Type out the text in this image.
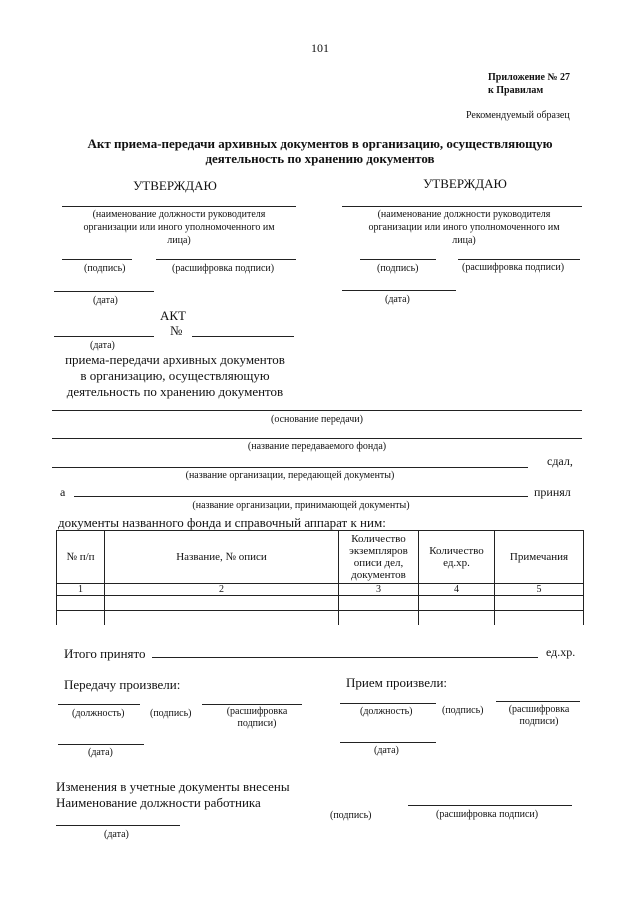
101
Приложение № 27
к Правилам
Рекомендуемый образец
Акт приема-передачи архивных документов в организацию, осуществляющую
деятельность по хранению документов
УТВЕРЖДАЮ
(наименование должности руководителя
организации или иного уполномоченного им
лица)
(подпись)	(расшифровка подписи)
(дата)
УТВЕРЖДАЮ
(наименование должности руководителя
организации или иного уполномоченного им
лица)
(подпись)	(расшифровка подписи)
(дата)
АКТ
№
(дата)
приема-передачи архивных документов
в организацию, осуществляющую
деятельность по хранению документов
(основание передачи)
(название передаваемого фонда)
сдал,
(название организации, передающей документы)
а	принял
(название организации, принимающей документы)
документы названного фонда и справочный аппарат к ним:
№ п/п	Название, № описи	Количество экземпляров описи дел, документов	Количество ед.хр.	Примечания
1	2	3	4	5

Итого принято	ед.хр.
Передачу произвели:	Прием произвели:
(должность)	(подпись)	(расшифровка подписи)
(должность)	(подпись)	(расшифровка подписи)
(дата)	(дата)
Изменения в учетные документы внесены
Наименование должности работника
(подпись)	(расшифровка подписи)
(дата)
